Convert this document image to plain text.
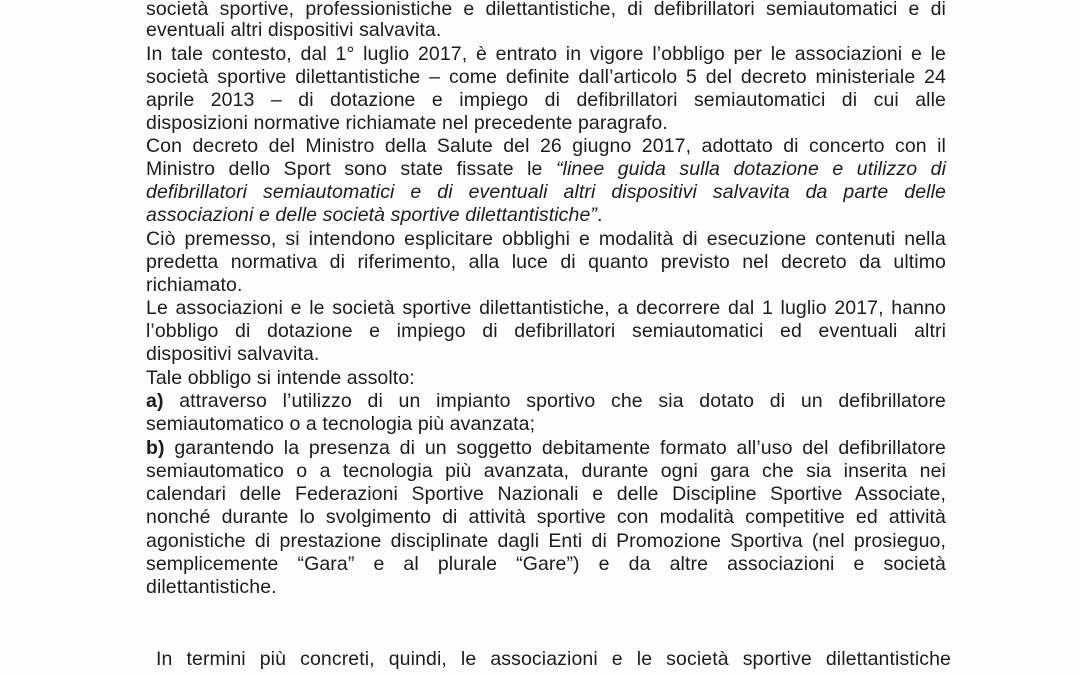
società sportive, professionistiche e dilettantistiche, di defibrillatori semiautomatici e di
eventuali altri dispositivi salvavita.
In tale contesto, dal 1° luglio 2017, è entrato in vigore l’obbligo per le associazioni e le
società sportive dilettantistiche – come definite dall’articolo 5 del decreto ministeriale 24
aprile 2013 – di dotazione e impiego di defibrillatori semiautomatici di cui alle
disposizioni normative richiamate nel precedente paragrafo.
Con decreto del Ministro della Salute del 26 giugno 2017, adottato di concerto con il
Ministro dello Sport sono state fissate le “linee guida sulla dotazione e utilizzo di
defibrillatori semiautomatici e di eventuali altri dispositivi salvavita da parte delle
associazioni e delle società sportive dilettantistiche”.
Ciò premesso, si intendono esplicitare obblighi e modalità di esecuzione contenuti nella
predetta normativa di riferimento, alla luce di quanto previsto nel decreto da ultimo
richiamato.
Le associazioni e le società sportive dilettantistiche, a decorrere dal 1 luglio 2017, hanno
l’obbligo di dotazione e impiego di defibrillatori semiautomatici ed eventuali altri
dispositivi salvavita.
Tale obbligo si intende assolto:
a) attraverso l’utilizzo di un impianto sportivo che sia dotato di un defibrillatore
semiautomatico o a tecnologia più avanzata;
b) garantendo la presenza di un soggetto debitamente formato all’uso del defibrillatore
semiautomatico o a tecnologia più avanzata, durante ogni gara che sia inserita nei
calendari delle Federazioni Sportive Nazionali e delle Discipline Sportive Associate,
nonché durante lo svolgimento di attività sportive con modalità competitive ed attività
agonistiche di prestazione disciplinate dagli Enti di Promozione Sportiva (nel prosieguo,
semplicemente “Gara” e al plurale “Gare”) e da altre associazioni e società
dilettantistiche.
In termini più concreti, quindi, le associazioni e le società sportive dilettantistiche
